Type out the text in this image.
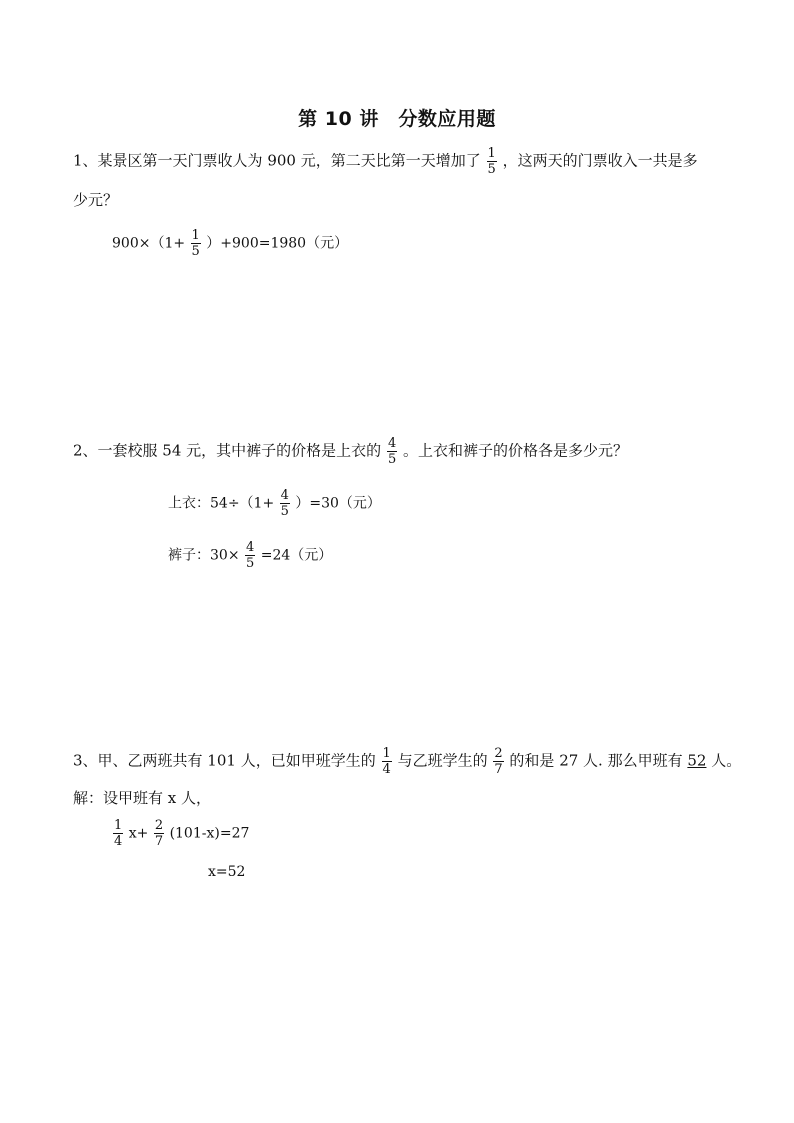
第 10 讲　分数应用题
1、某景区第一天门票收人为 900 元，第二天比第一天增加了 $\frac{1}{5}$ ，这两天的门票收入一共是多
少元？
$900\times(1+ \frac{1}{5} )+900=1980$（元）
2、一套校服 54 元，其中裤子的价格是上衣的 $\frac{4}{5}$ 。上衣和裤子的价格各是多少元？
上衣：$54\div(1+ \frac{4}{5} )=30$（元）
裤子：$30\times \frac{4}{5} =24$（元）
3、甲、乙两班共有 101 人，已如甲班学生的 $\frac{1}{4}$ 与乙班学生的 $\frac{2}{7}$ 的和是 27 人. 那么甲班有 52 人。
解：设甲班有 x 人，
$\frac{1}{4} x+ \frac{2}{7} (101-x)=27$
x=52
